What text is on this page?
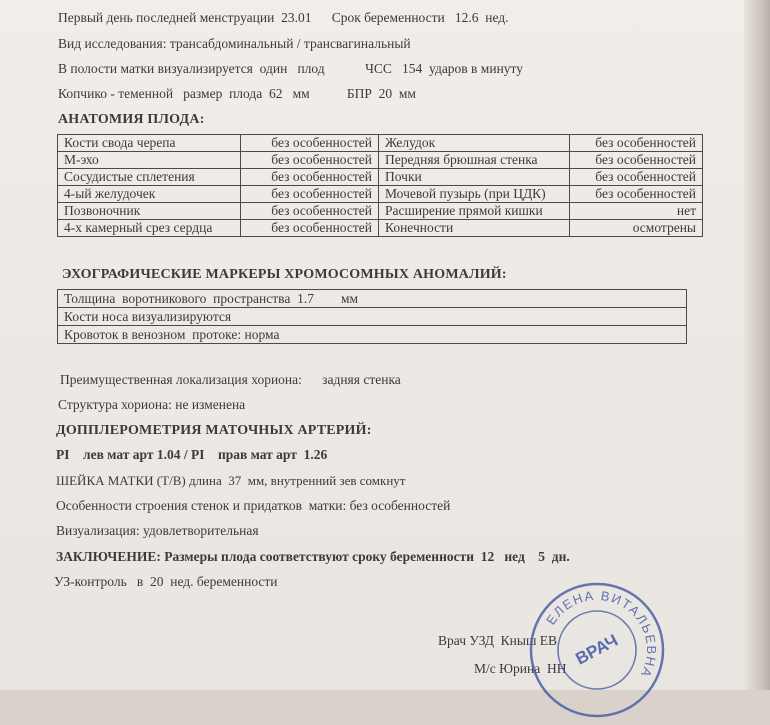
Первый день последней менструации  23.01      Срок беременности   12.6  нед.
Вид исследования: трансабдоминальный / трансвагинальный
В полости матки визуализируется  один   плод            ЧСС   154  ударов в минуту
Копчико - теменной   размер  плода  62   мм           БПР  20  мм
АНАТОМИЯ ПЛОДА:
Кости свода черепа	без особенностей	Желудок	без особенностей
М-эхо	без особенностей	Передняя брюшная стенка	без особенностей
Сосудистые сплетения	без особенностей	Почки	без особенностей
4-ый желудочек	без особенностей	Мочевой пузырь (при ЦДК)	без особенностей
Позвоночник	без особенностей	Расширение прямой кишки	нет
4-х камерный срез сердца	без особенностей	Конечности	осмотрены
ЭХОГРАФИЧЕСКИЕ МАРКЕРЫ ХРОМОСОМНЫХ АНОМАЛИЙ:
Толщина  воротникового  пространства  1.7        мм
Кости носа визуализируются
Кровоток в венозном  протоке: норма
Преимущественная локализация хориона:      задняя стенка
Структура хориона: не изменена
ДОППЛЕРОМЕТРИЯ МАТОЧНЫХ АРТЕРИЙ:
PI    лев мат арт 1.04 / PI    прав мат арт  1.26
ШЕЙКА МАТКИ (Т/В) длина  37  мм, внутренний зев сомкнут
Особенности строения стенок и придатков  матки: без особенностей
Визуализация: удовлетворительная
ЗАКЛЮЧЕНИЕ: Размеры плода соответствуют сроку беременности  12   нед    5  дн.
УЗ-контроль   в  20  нед. беременности
Врач УЗД  Кныш ЕВ
М/с Юрина  НН
ЕЛЕНА ВИТАЛЬЕВНА
ВРАЧ
